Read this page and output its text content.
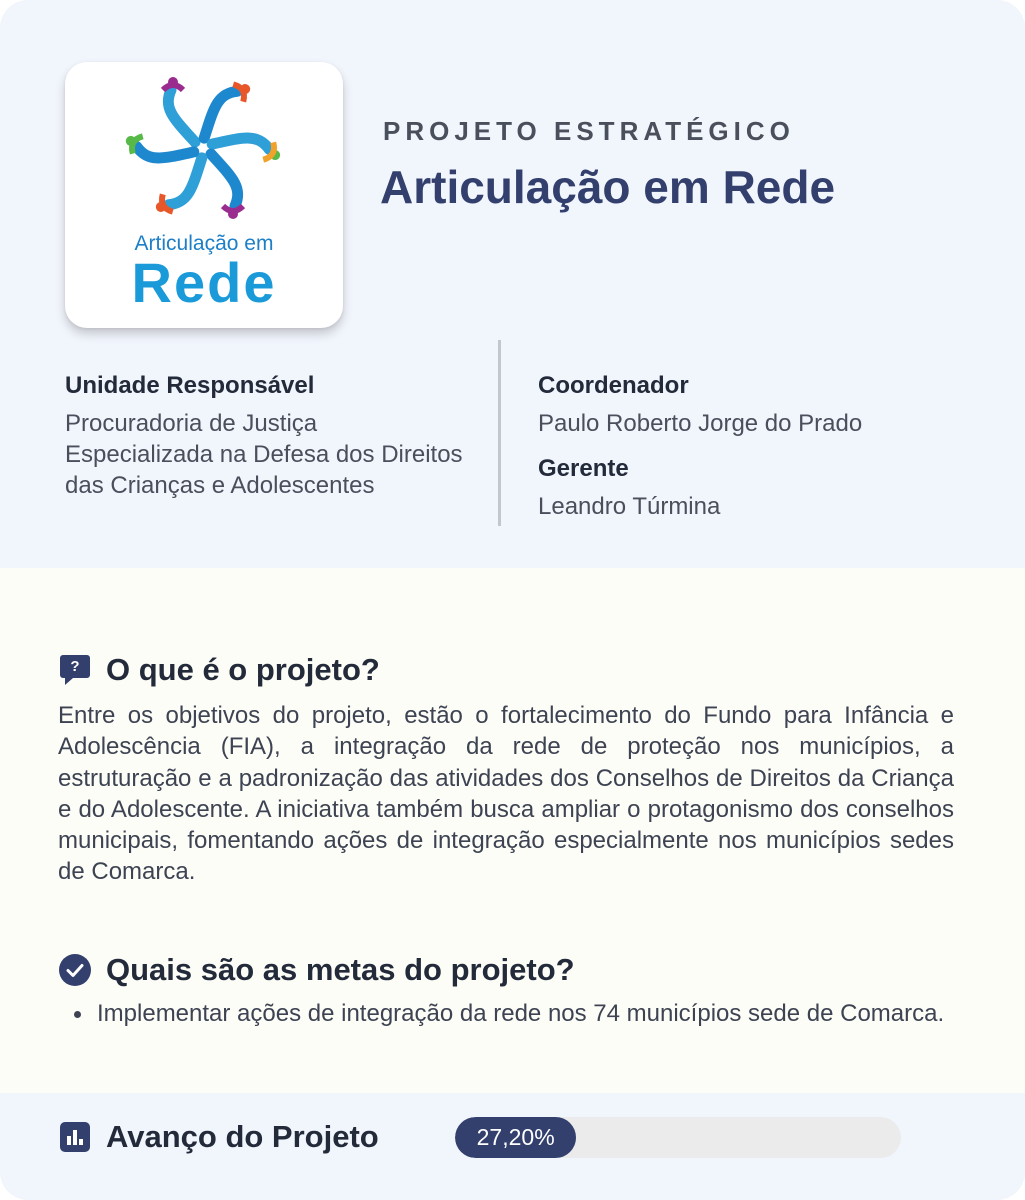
Articulação em
Rede
PROJETO ESTRATÉGICO
Articulação em Rede
Unidade Responsável
Procuradoria de Justiça Especializada na Defesa dos Direitos das Crianças e Adolescentes
Coordenador
Paulo Roberto Jorge do Prado
Gerente
Leandro Túrmina
? O que é o projeto?
Entre os objetivos do projeto, estão o fortalecimento do Fundo para Infância e Adolescência (FIA), a integração da rede de proteção nos municípios, a estruturação e a padronização das atividades dos Conselhos de Direitos da Criança e do Adolescente. A iniciativa também busca ampliar o protagonismo dos conselhos municipais, fomentando ações de integração especialmente nos municípios sedes de Comarca.
Quais são as metas do projeto?
Implementar ações de integração da rede nos 74 municípios sede de Comarca.
Avanço do Projeto	27,20%
